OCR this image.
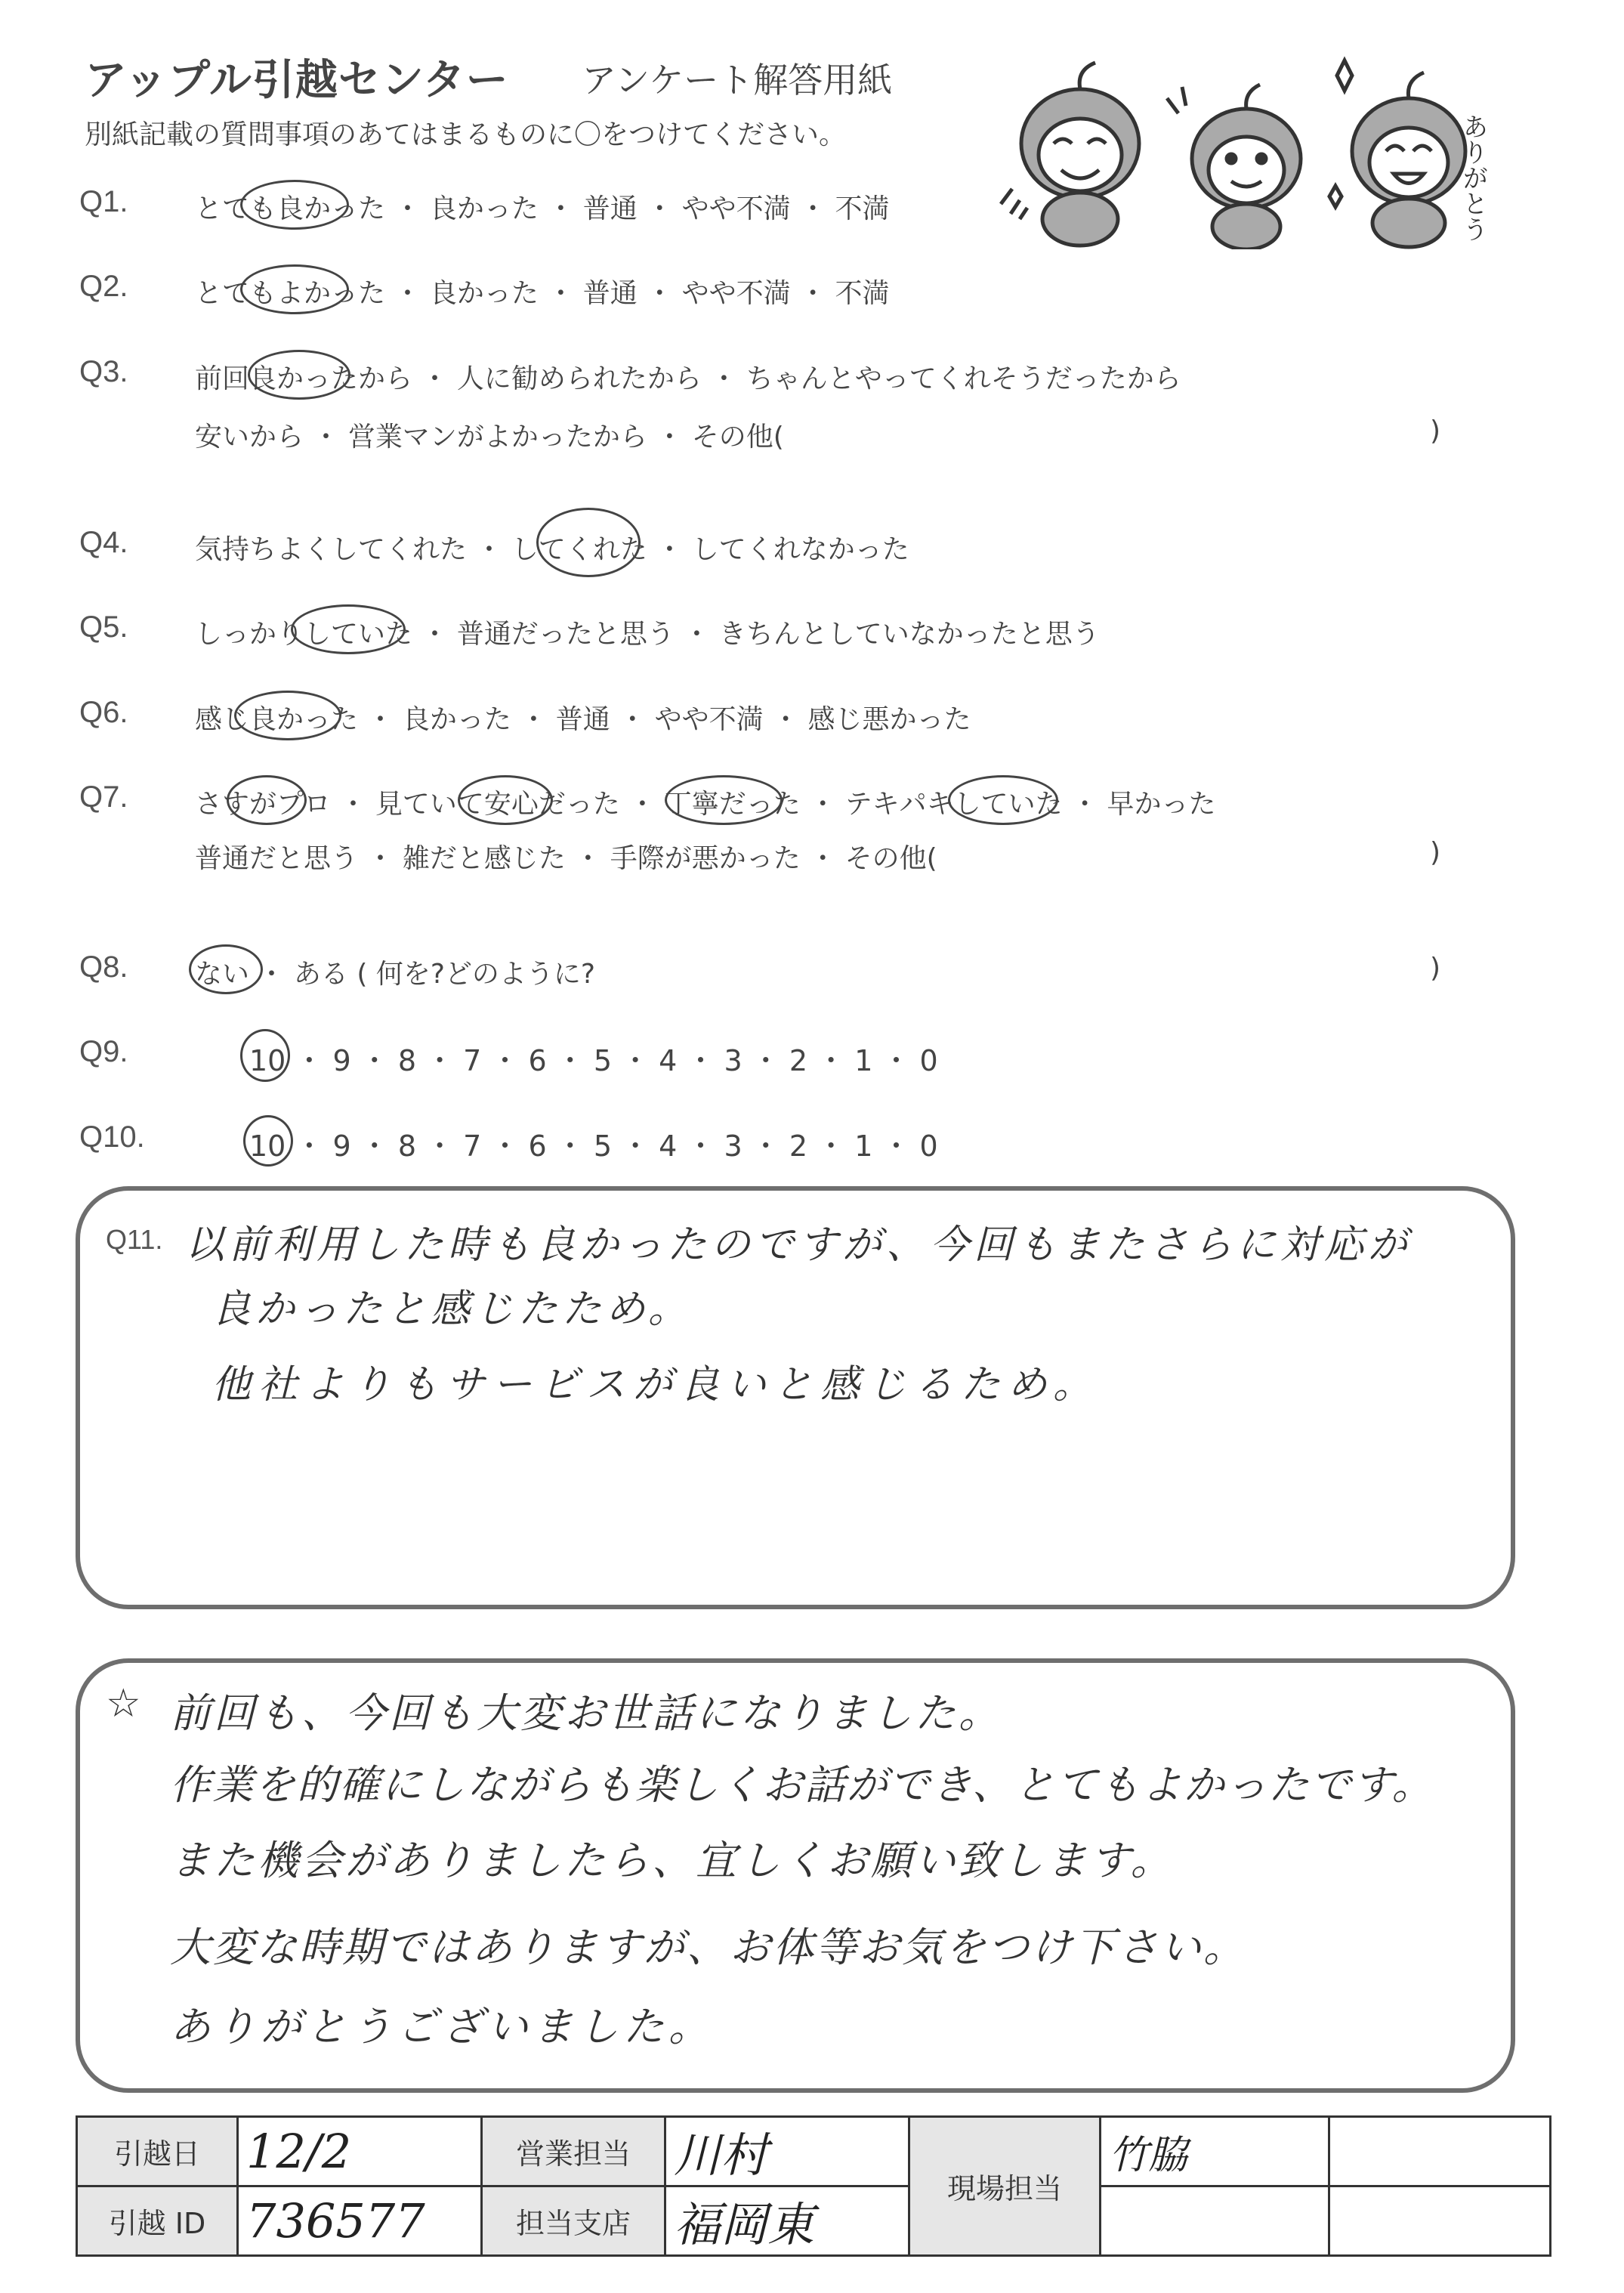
アップル引越センター アンケート解答用紙
別紙記載の質問事項のあてはまるものに〇をつけてください。	ありがとう
Q1. とても良かった ・ 良かった ・ 普通 ・ やや不満 ・ 不満
Q2. とてもよかった ・ 良かった ・ 普通 ・ やや不満 ・ 不満
Q3. 前回良かったから ・ 人に勧められたから ・ ちゃんとやってくれそうだったから
安いから ・ 営業マンがよかったから ・ その他(	)
Q4. 気持ちよくしてくれた ・ してくれた ・ してくれなかった
Q5. しっかりしていた ・ 普通だったと思う ・ きちんとしていなかったと思う
Q6. 感じ良かった ・ 良かった ・ 普通 ・ やや不満 ・ 感じ悪かった
Q7. さすがプロ ・ 見ていて安心だった ・ 丁寧だった ・ テキパキしていた ・ 早かった
普通だと思う ・ 雑だと感じた ・ 手際が悪かった ・ その他(	)
Q8. ない ・ ある ( 何を?どのように?	)
Q9.	10 ・ 9 ・ 8 ・ 7 ・ 6 ・ 5 ・ 4 ・ 3 ・ 2 ・ 1 ・ 0
Q10.	10 ・ 9 ・ 8 ・ 7 ・ 6 ・ 5 ・ 4 ・ 3 ・ 2 ・ 1 ・ 0
Q11. 以前利用した時も良かったのですが、今回もまたさらに対応が
良かったと感じたため。
他社よりもサービスが良いと感じるため。
☆ 前回も、今回も大変お世話になりました。
作業を的確にしながらも楽しくお話ができ、とてもよかったです。
また機会がありましたら、宜しくお願い致します。
大変な時期ではありますが、お体等お気をつけ下さい。
ありがとうございました。
引越日	12/2	営業担当	川村	現場担当	竹脇	
引越 ID	736577	担当支店	福岡東			
